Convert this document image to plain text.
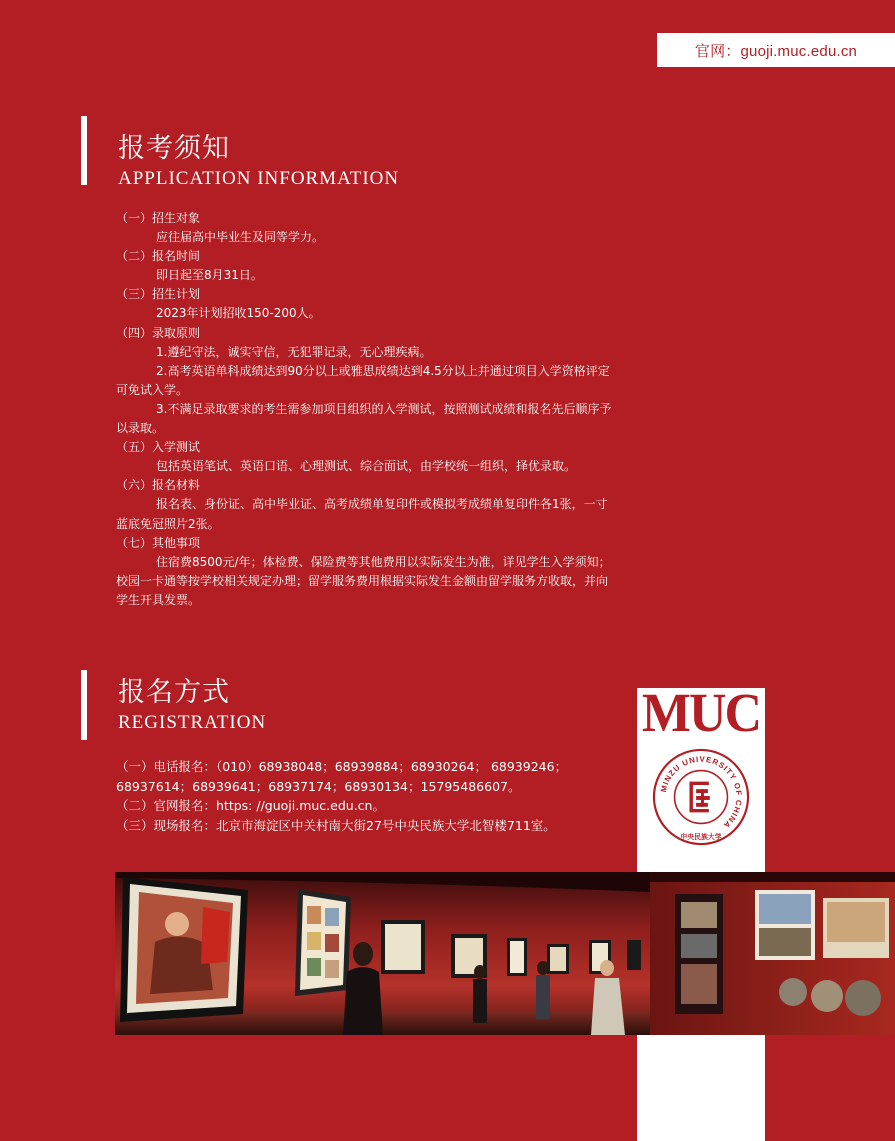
官网：guoji.muc.edu.cn
报考须知
APPLICATION INFORMATION
（一）招生对象
应往届高中毕业生及同等学力。
（二）报名时间
即日起至8月31日。
（三）招生计划
2023年计划招收150-200人。
（四）录取原则
1.遵纪守法，诚实守信，无犯罪记录，无心理疾病。
2.高考英语单科成绩达到90分以上或雅思成绩达到4.5分以上并通过项目入学资格评定可免试入学。
3.不满足录取要求的考生需参加项目组织的入学测试，按照测试成绩和报名先后顺序予以录取。
（五）入学测试
包括英语笔试、英语口语、心理测试、综合面试，由学校统一组织，择优录取。
（六）报名材料
报名表、身份证、高中毕业证、高考成绩单复印件或模拟考成绩单复印件各1张，一寸蓝底免冠照片2张。
（七）其他事项
住宿费8500元/年；体检费、保险费等其他费用以实际发生为准，详见学生入学须知；校园一卡通等按学校相关规定办理；留学服务费用根据实际发生金额由留学服务方收取，并向学生开具发票。
报名方式
REGISTRATION
（一）电话报名：（010）68938048；68939884；68930264； 68939246；68937614；68939641；68937174；68930134；15795486607。
（二）官网报名：https: //guoji.muc.edu.cn。
（三）现场报名：北京市海淀区中关村南大街27号中央民族大学北智楼711室。
MUC
MINZU UNIVERSITY OF CHINA
中央民族大学
